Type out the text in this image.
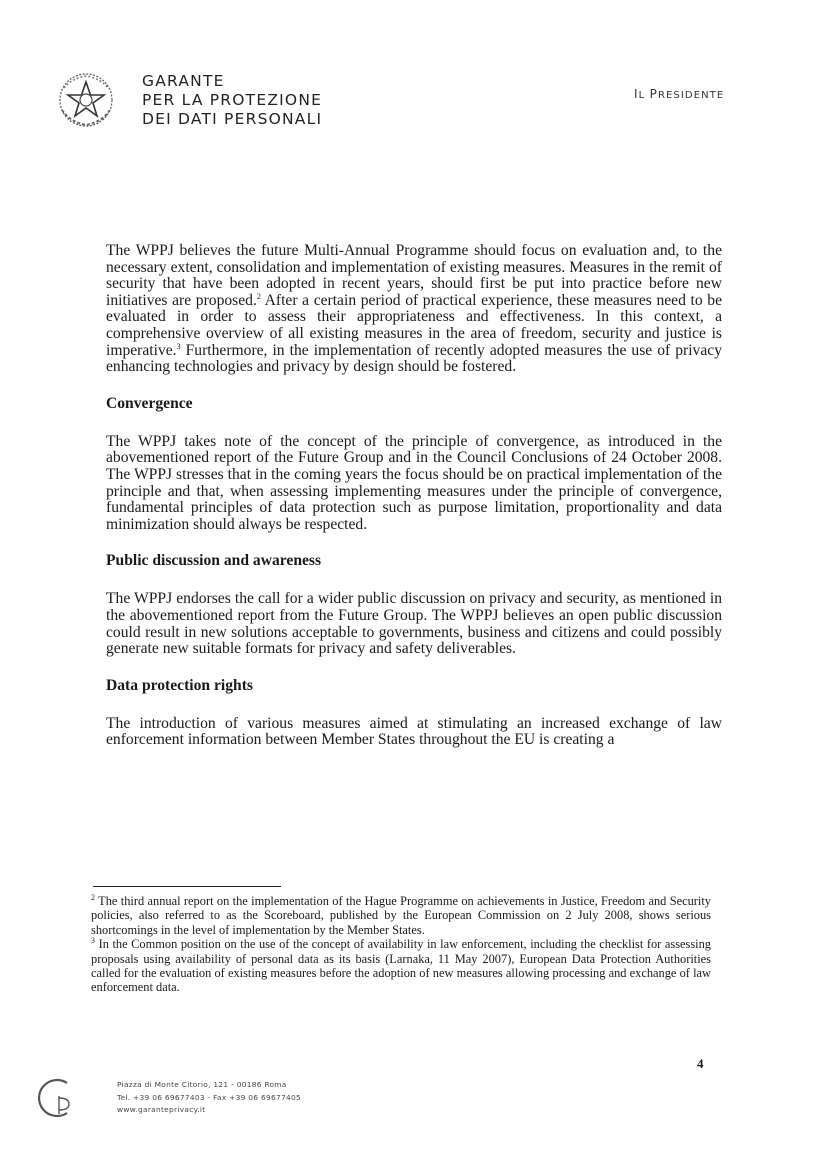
GARANTE
PER LA PROTEZIONE
DEI DATI PERSONALI
IL PRESIDENTE

The WPPJ believes the future Multi-Annual Programme should focus on evaluation and, to the necessary extent, consolidation and implementation of existing measures. Measures in the remit of security that have been adopted in recent years, should first be put into practice before new initiatives are proposed.$^2$ After a certain period of practical experience, these measures need to be evaluated in order to assess their appropriateness and effectiveness. In this context, a comprehensive overview of all existing measures in the area of freedom, security and justice is imperative.$^3$ Furthermore, in the implementation of recently adopted measures the use of privacy enhancing technologies and privacy by design should be fostered.

Convergence

The WPPJ takes note of the concept of the principle of convergence, as introduced in the abovementioned report of the Future Group and in the Council Conclusions of 24 October 2008. The WPPJ stresses that in the coming years the focus should be on practical implementation of the principle and that, when assessing implementing measures under the principle of convergence, fundamental principles of data protection such as purpose limitation, proportionality and data minimization should always be respected.

Public discussion and awareness

The WPPJ endorses the call for a wider public discussion on privacy and security, as mentioned in the abovementioned report from the Future Group. The WPPJ believes an open public discussion could result in new solutions acceptable to governments, business and citizens and could possibly generate new suitable formats for privacy and safety deliverables.

Data protection rights

The introduction of various measures aimed at stimulating an increased exchange of law enforcement information between Member States throughout the EU is creating a

$^2$ The third annual report on the implementation of the Hague Programme on achievements in Justice, Freedom and Security policies, also referred to as the Scoreboard, published by the European Commission on 2 July 2008, shows serious shortcomings in the level of implementation by the Member States.

$^3$ In the Common position on the use of the concept of availability in law enforcement, including the checklist for assessing proposals using availability of personal data as its basis (Larnaka, 11 May 2007), European Data Protection Authorities called for the evaluation of existing measures before the adoption of new measures allowing processing and exchange of law enforcement data.

4
Piazza di Monte Citorio, 121 - 00186 Roma
Tel. +39 06 69677403 - Fax +39 06 69677405
www.garanteprivacy.it
